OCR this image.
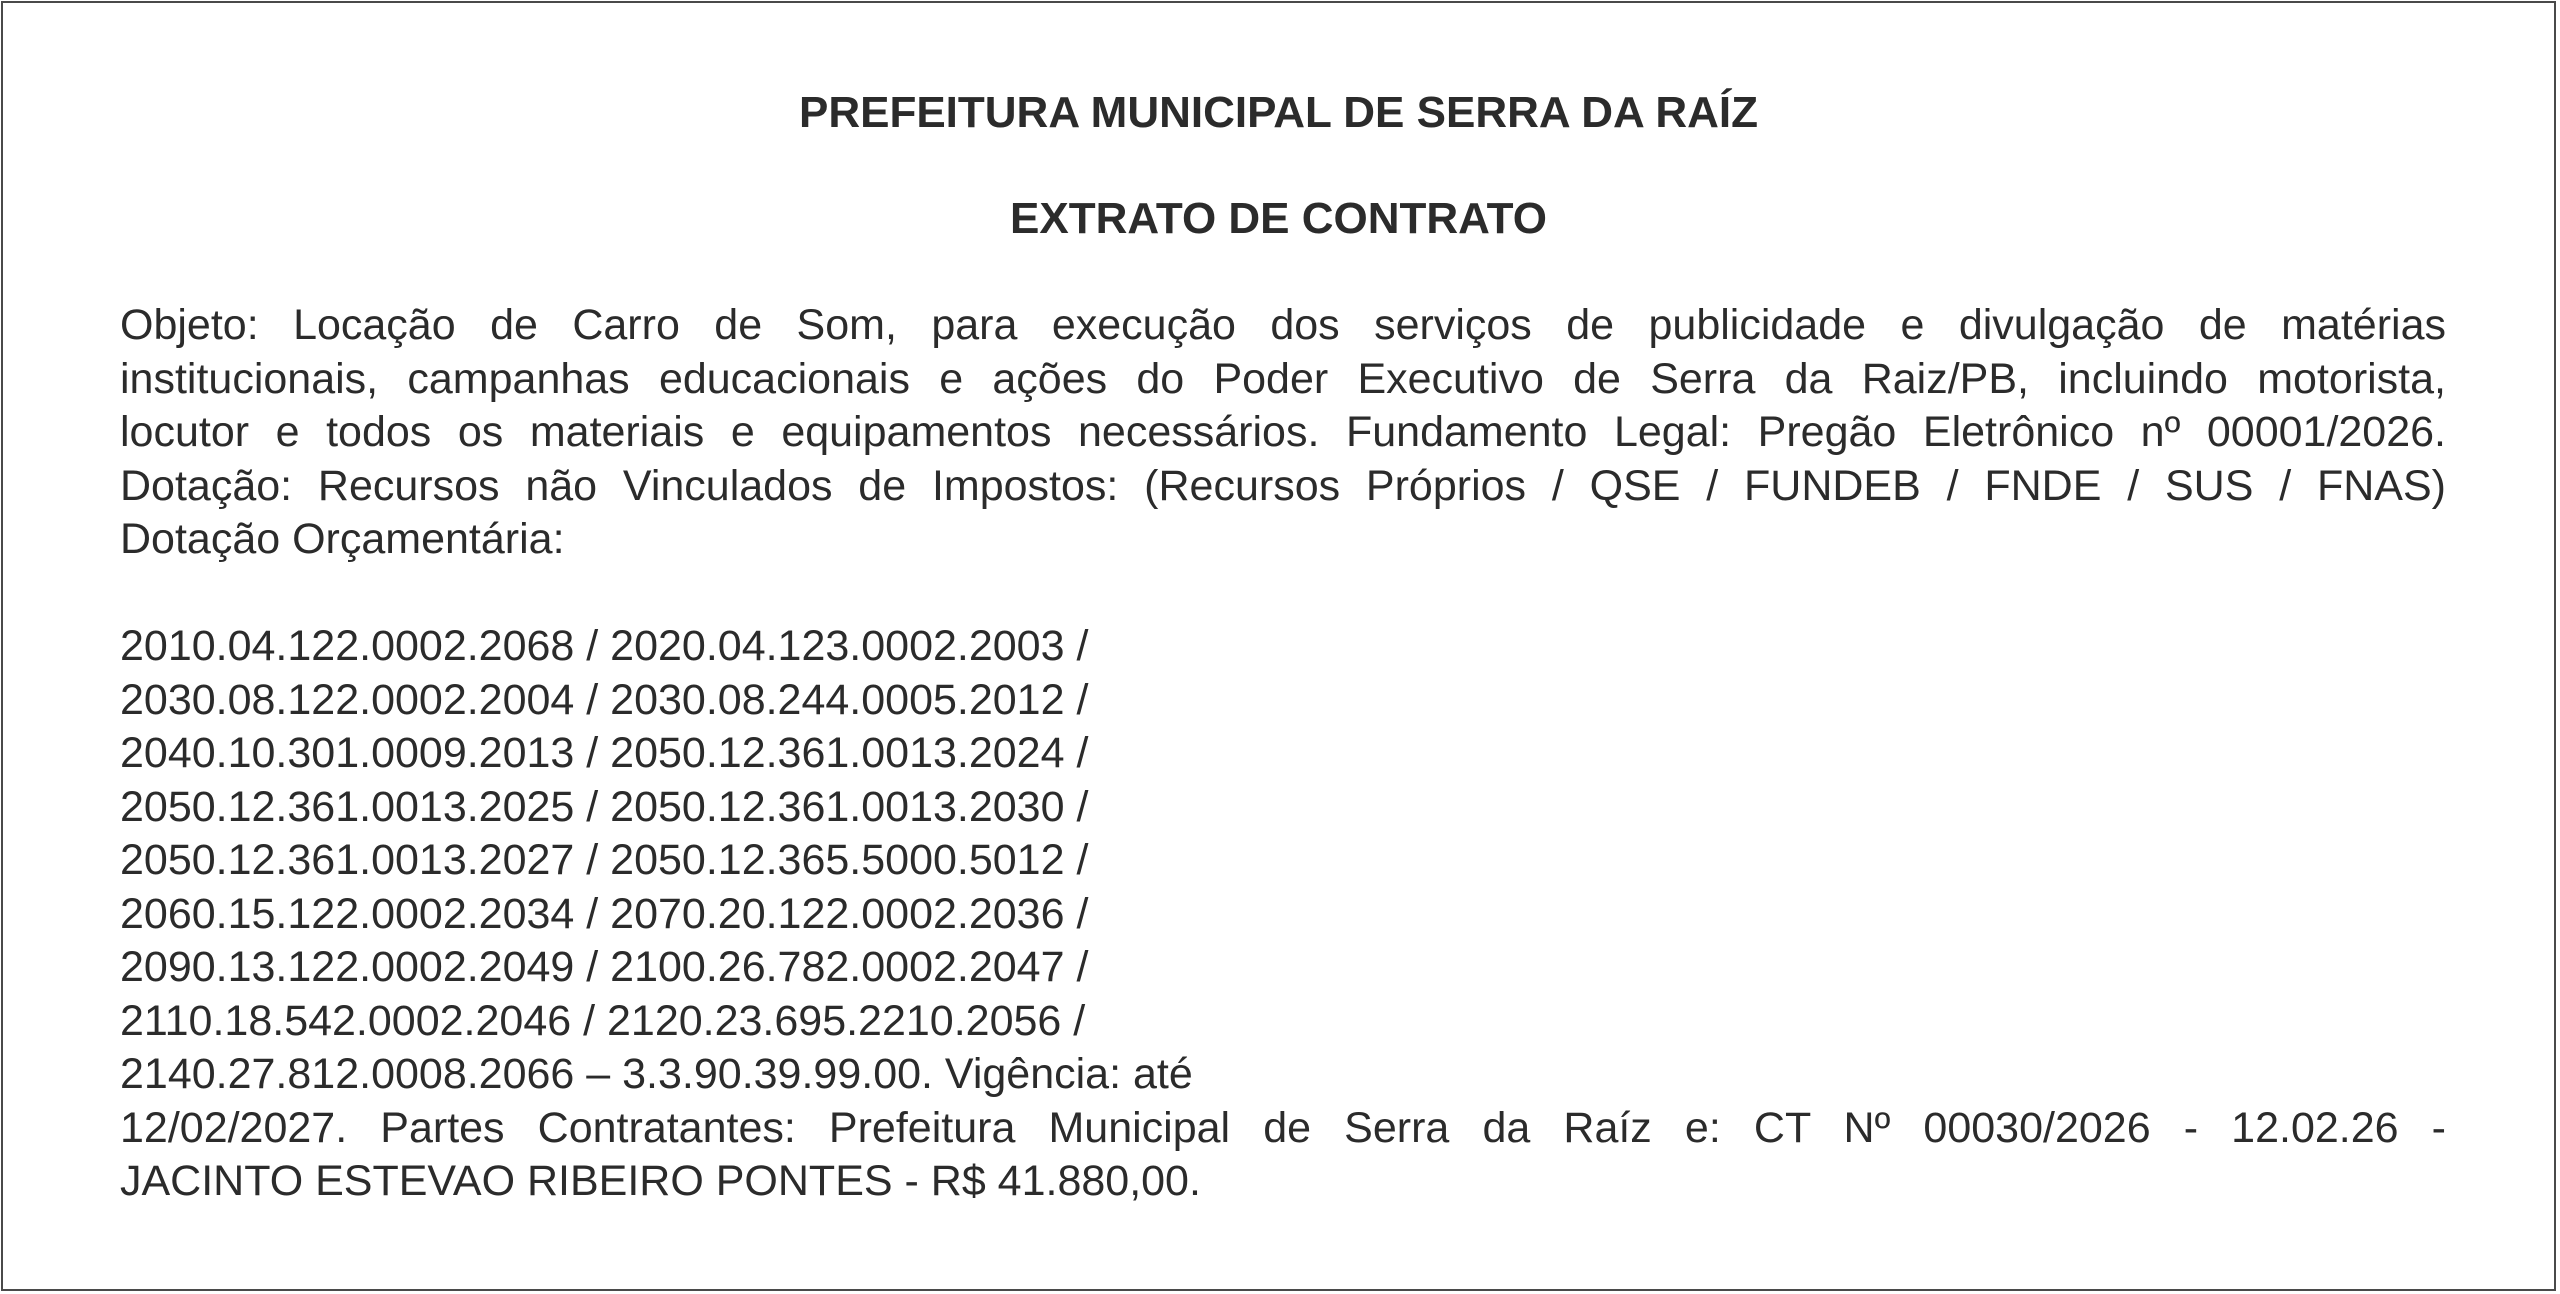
PREFEITURA MUNICIPAL DE SERRA DA RAÍZ
EXTRATO DE CONTRATO
Objeto: Locação de Carro de Som, para execução dos serviços de publicidade e divulgação de matérias
institucionais, campanhas educacionais e ações do Poder Executivo de Serra da Raiz/PB, incluindo motorista,
locutor e todos os materiais e equipamentos necessários. Fundamento Legal: Pregão Eletrônico nº 00001/2026.
Dotação: Recursos não Vinculados de Impostos: (Recursos Próprios / QSE / FUNDEB / FNDE / SUS / FNAS)
Dotação Orçamentária:
2010.04.122.0002.2068 / 2020.04.123.0002.2003 /
2030.08.122.0002.2004 / 2030.08.244.0005.2012 /
2040.10.301.0009.2013 / 2050.12.361.0013.2024 /
2050.12.361.0013.2025 / 2050.12.361.0013.2030 /
2050.12.361.0013.2027 / 2050.12.365.5000.5012 /
2060.15.122.0002.2034 / 2070.20.122.0002.2036 /
2090.13.122.0002.2049 / 2100.26.782.0002.2047 /
2110.18.542.0002.2046 / 2120.23.695.2210.2056 /
2140.27.812.0008.2066 – 3.3.90.39.99.00. Vigência: até
12/02/2027. Partes Contratantes: Prefeitura Municipal de Serra da Raíz e: CT Nº 00030/2026 - 12.02.26 -
JACINTO ESTEVAO RIBEIRO PONTES - R$ 41.880,00.
